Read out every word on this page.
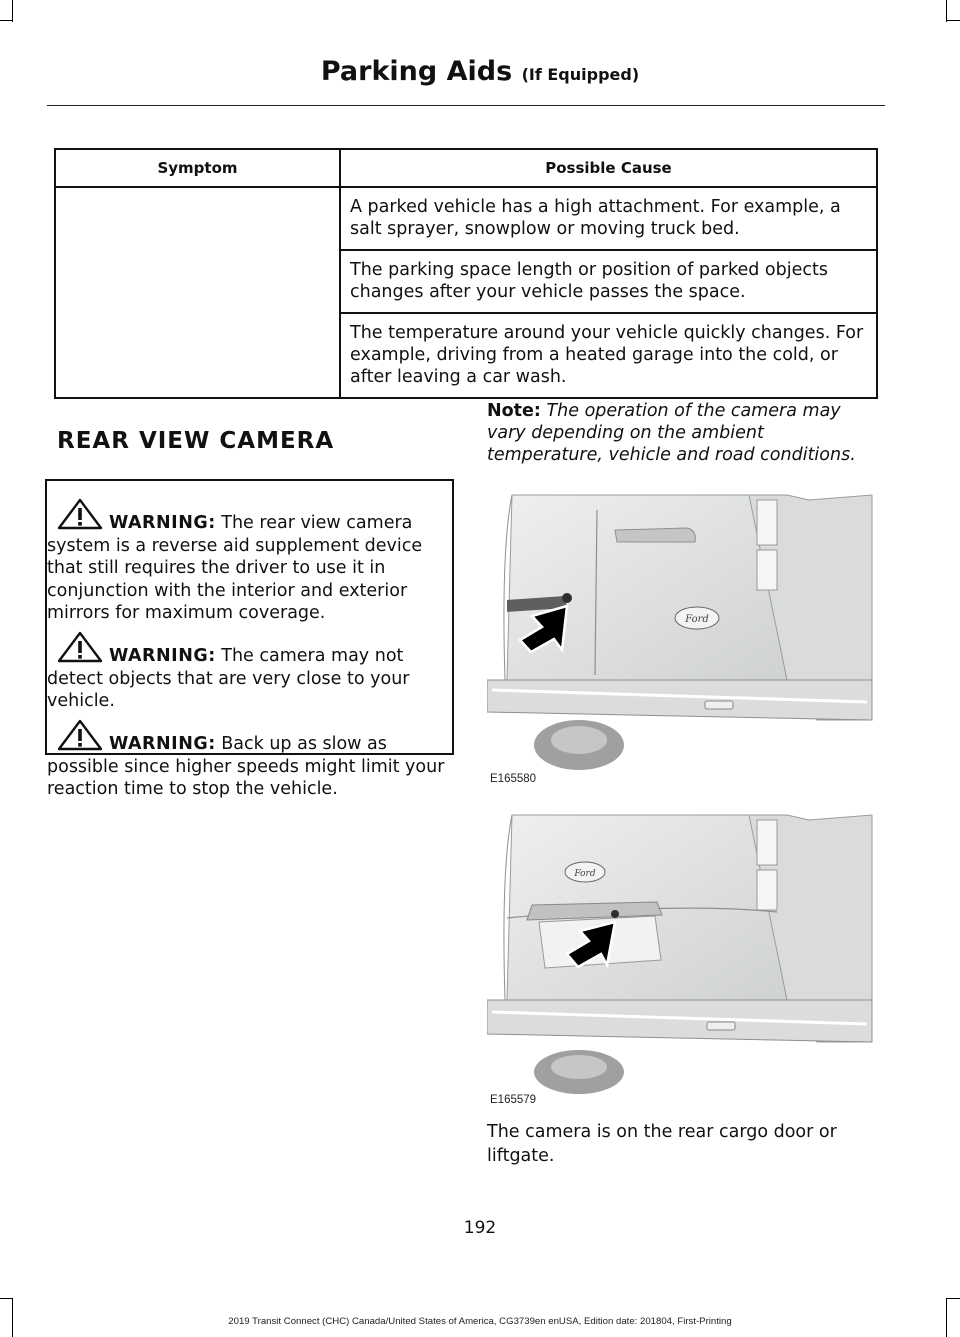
Parking Aids (If Equipped)
Symptom	Possible Cause
	A parked vehicle has a high attachment. For example, a salt sprayer, snowplow or moving truck bed.
	The parking space length or position of parked objects changes after your vehicle passes the space.
	The temperature around your vehicle quickly changes. For example, driving from a heated garage into the cold, or after leaving a car wash.
REAR VIEW CAMERA
WARNING: The rear view camera system is a reverse aid supplement device that still requires the driver to use it in conjunction with the interior and exterior mirrors for maximum coverage.
WARNING: The camera may not detect objects that are very close to your vehicle.
WARNING: Back up as slow as possible since higher speeds might limit your reaction time to stop the vehicle.
Note: The operation of the camera may vary depending on the ambient temperature, vehicle and road conditions.
Ford
E165580
Ford
E165579
The camera is on the rear cargo door or liftgate.
192
2019 Transit Connect (CHC) Canada/United States of America, CG3739en enUSA, Edition date: 201804, First-Printing
